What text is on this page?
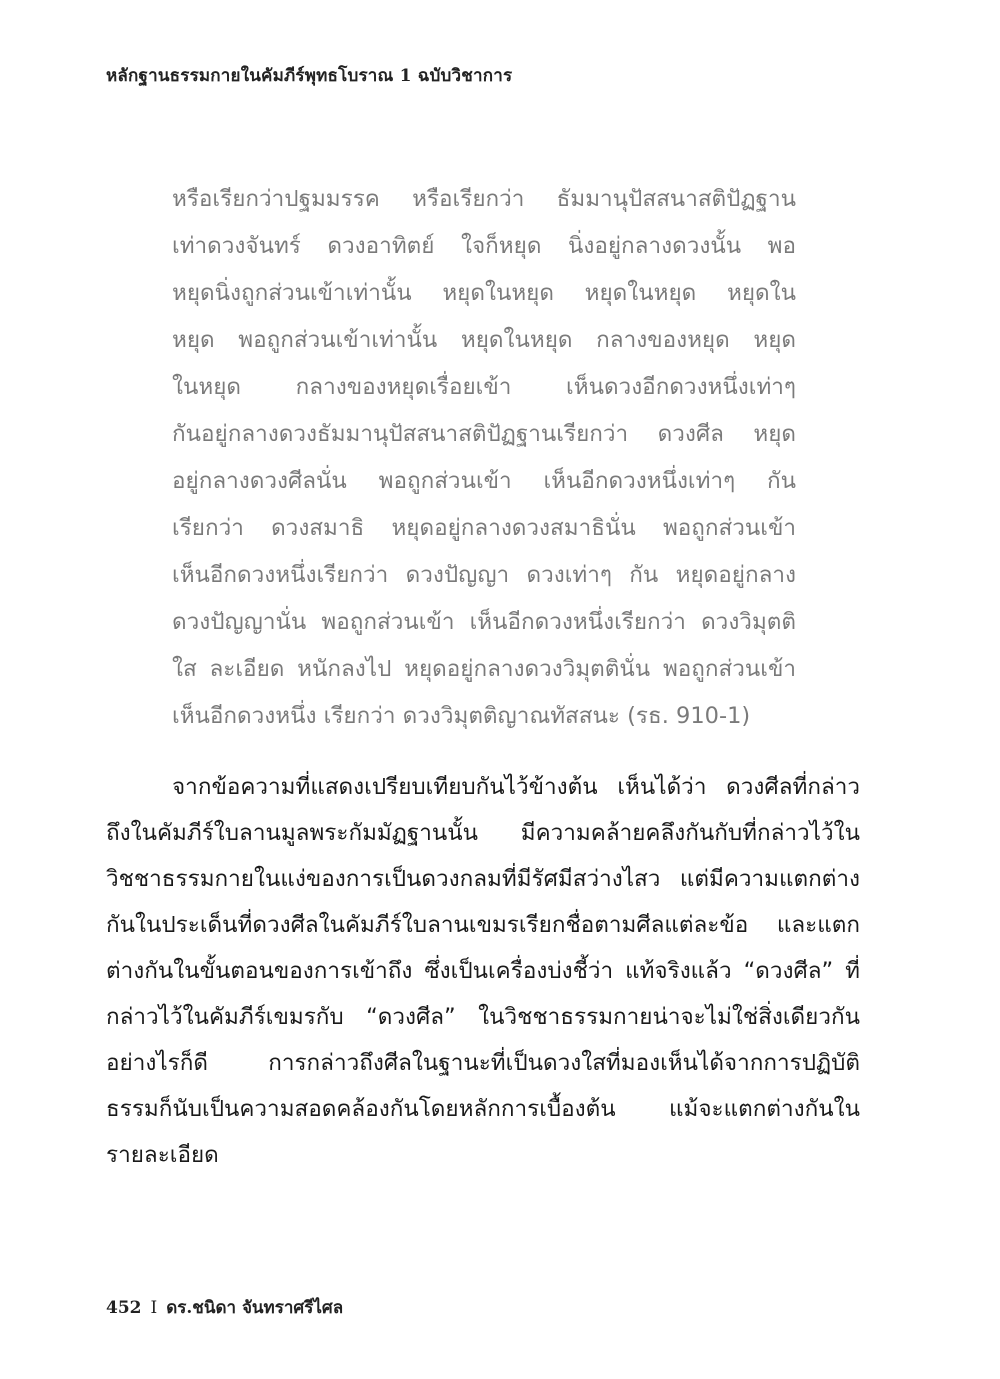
หลักฐานธรรมกายในคัมภีร์พุทธโบราณ 1 ฉบับวิชาการ
หรือเรียกว่าปฐมมรรค หรือเรียกว่า ธัมมานุปัสสนาสติปัฏฐาน
เท่าดวงจันทร์ ดวงอาทิตย์ ใจก็หยุด นิ่งอยู่กลางดวงนั้น พอ
หยุดนิ่งถูกส่วนเข้าเท่านั้น หยุดในหยุด หยุดในหยุด หยุดใน
หยุด พอถูกส่วนเข้าเท่านั้น หยุดในหยุด กลางของหยุด หยุด
ในหยุด กลางของหยุดเรื่อยเข้า เห็นดวงอีกดวงหนึ่งเท่าๆ
กันอยู่กลางดวงธัมมานุปัสสนาสติปัฏฐานเรียกว่า ดวงศีล หยุด
อยู่กลางดวงศีลนั่น พอถูกส่วนเข้า เห็นอีกดวงหนึ่งเท่าๆ กัน
เรียกว่า ดวงสมาธิ หยุดอยู่กลางดวงสมาธินั่น พอถูกส่วนเข้า
เห็นอีกดวงหนึ่งเรียกว่า ดวงปัญญา ดวงเท่าๆ กัน หยุดอยู่กลาง
ดวงปัญญานั่น พอถูกส่วนเข้า เห็นอีกดวงหนึ่งเรียกว่า ดวงวิมุตติ
ใส ละเอียด หนักลงไป หยุดอยู่กลางดวงวิมุตตินั่น พอถูกส่วนเข้า
เห็นอีกดวงหนึ่ง เรียกว่า ดวงวิมุตติญาณทัสสนะ (รธ. 910-1)
จากข้อความที่แสดงเปรียบเทียบกันไว้ข้างต้น เห็นได้ว่า ดวงศีลที่กล่าว
ถึงในคัมภีร์ใบลานมูลพระกัมมัฏฐานนั้น มีความคล้ายคลึงกันกับที่กล่าวไว้ใน
วิชชาธรรมกายในแง่ของการเป็นดวงกลมที่มีรัศมีสว่างไสว แต่มีความแตกต่าง
กันในประเด็นที่ดวงศีลในคัมภีร์ใบลานเขมรเรียกชื่อตามศีลแต่ละข้อ และแตก
ต่างกันในขั้นตอนของการเข้าถึง ซึ่งเป็นเครื่องบ่งชี้ว่า แท้จริงแล้ว “ดวงศีล” ที่
กล่าวไว้ในคัมภีร์เขมรกับ “ดวงศีล” ในวิชชาธรรมกายน่าจะไม่ใช่สิ่งเดียวกัน
อย่างไรก็ดี การกล่าวถึงศีลในฐานะที่เป็นดวงใสที่มองเห็นได้จากการปฏิบัติ
ธรรมก็นับเป็นความสอดคล้องกันโดยหลักการเบื้องต้น แม้จะแตกต่างกันใน
รายละเอียด
452 I ดร.ชนิดา จันทราศรีไศล
